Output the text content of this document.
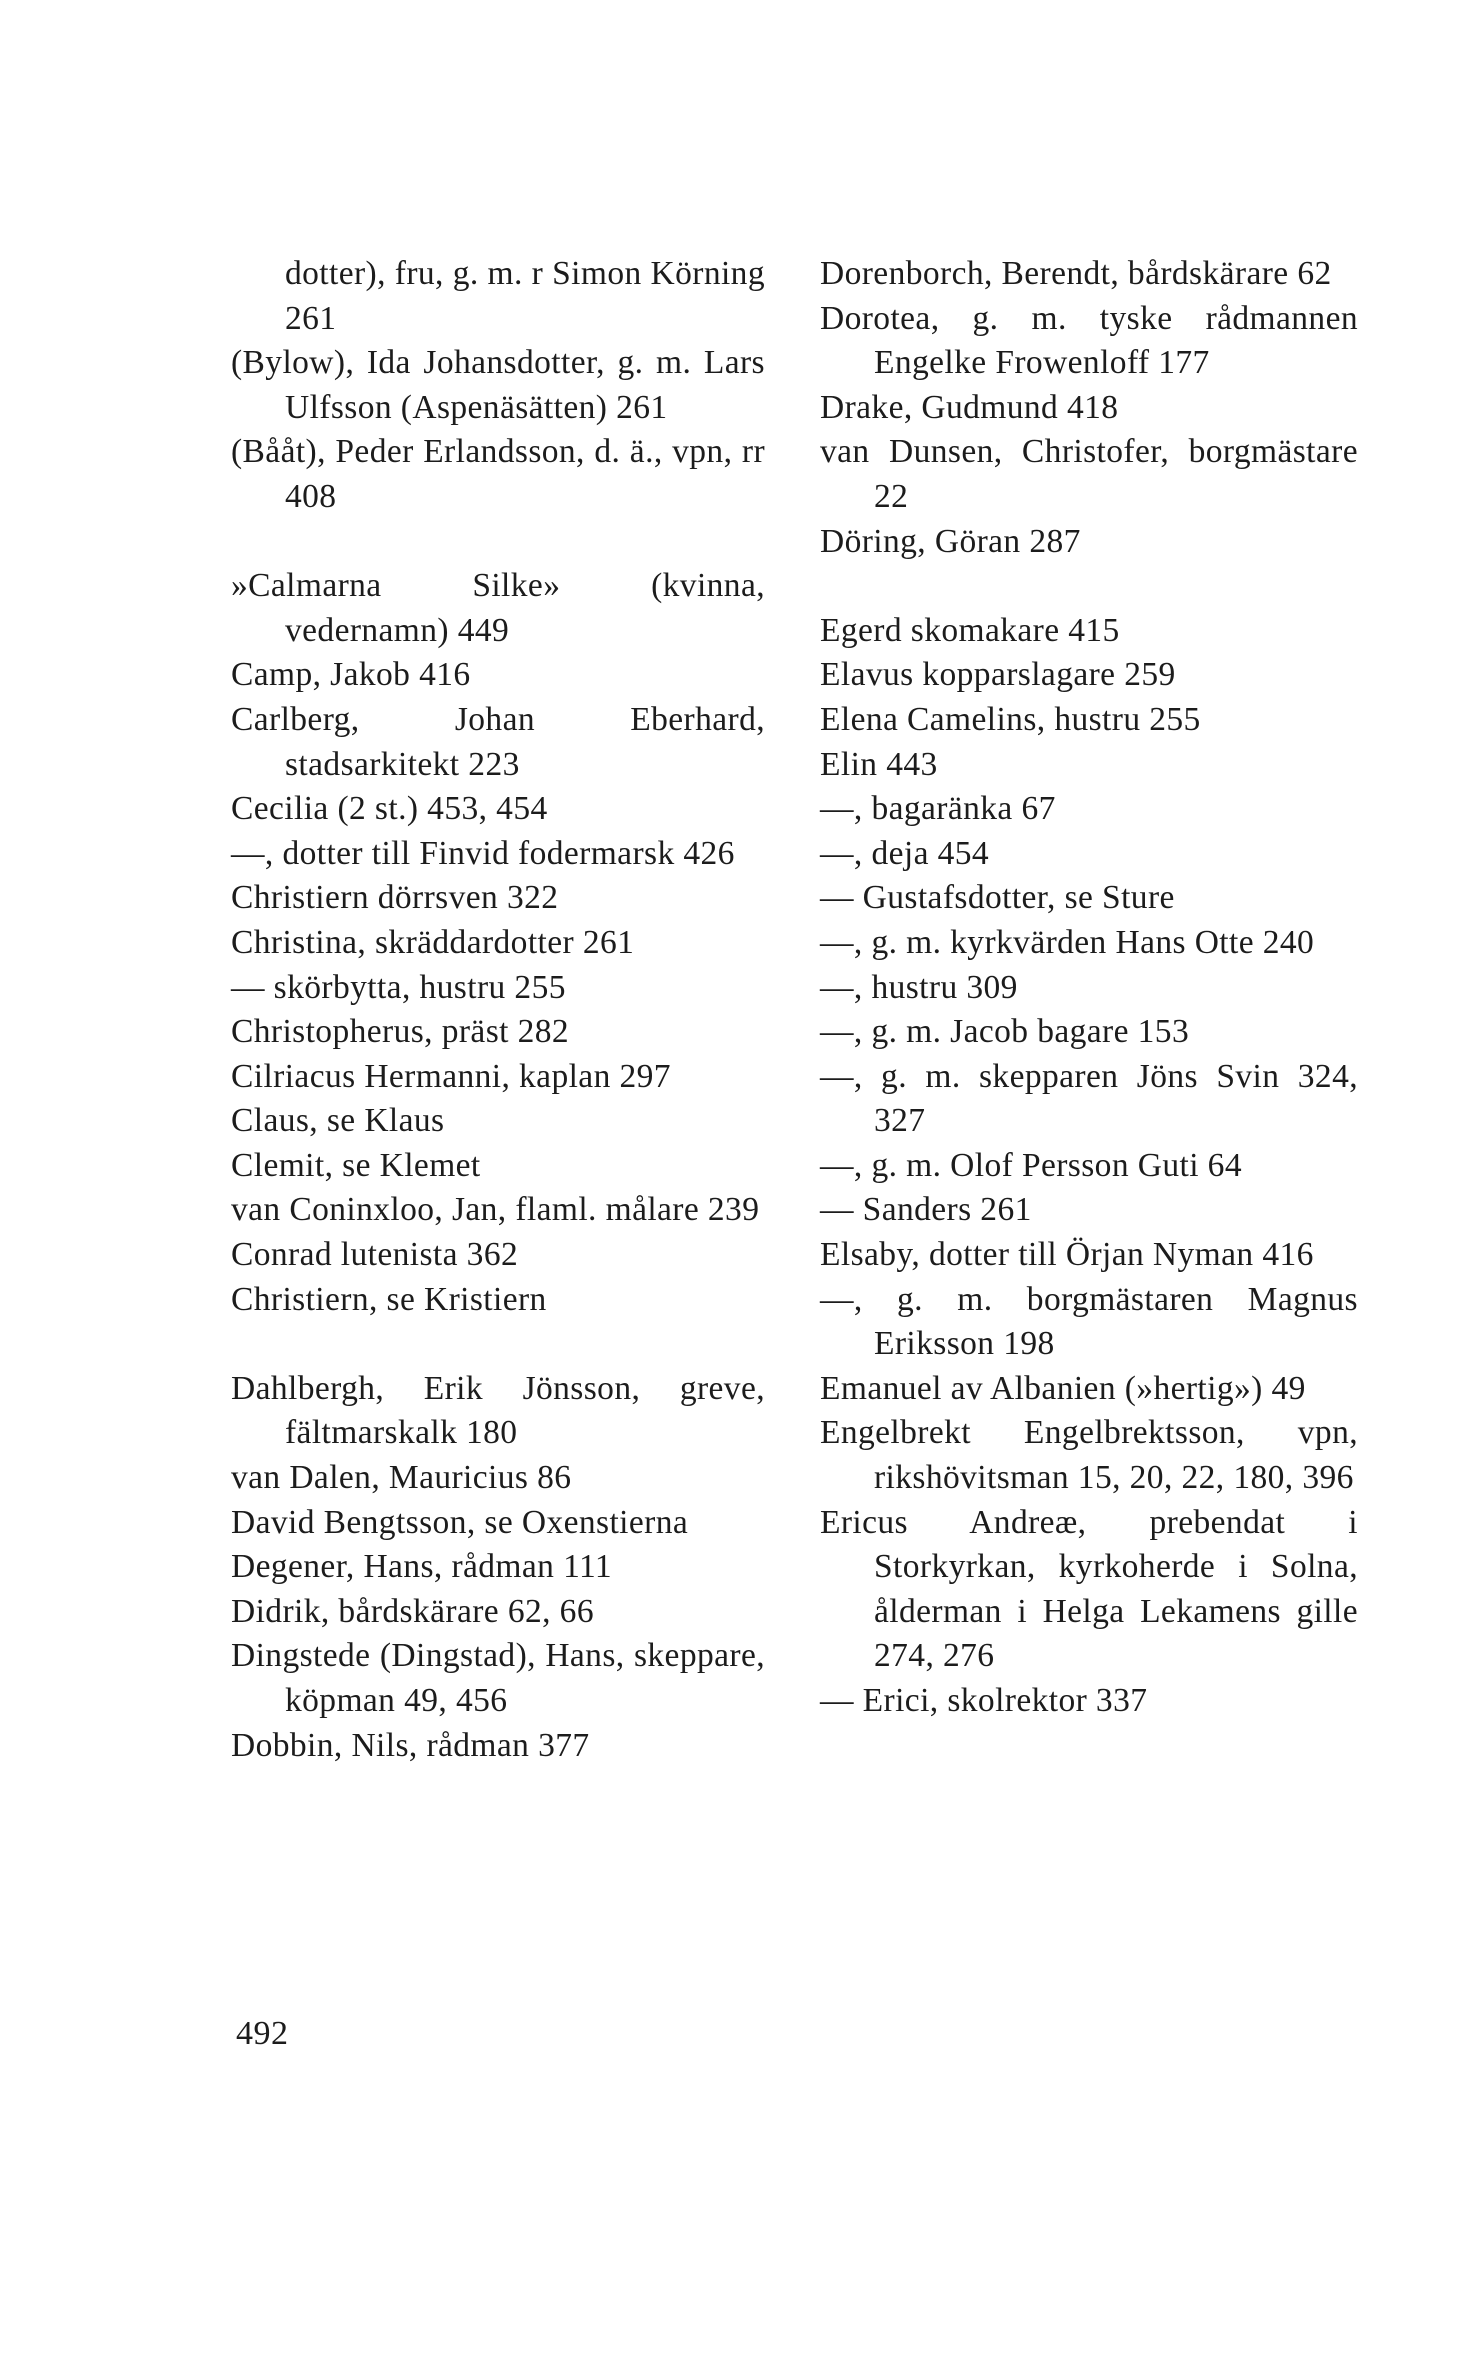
dotter), fru, g. m. r Simon Körning 261
(Bylow), Ida Johansdotter, g. m. Lars Ulfsson (Aspenäsätten) 261
(Bååt), Peder Erlandsson, d. ä., vpn, rr 408
»Calmarna Silke» (kvinna, vedernamn) 449
Camp, Jakob 416
Carlberg, Johan Eberhard, stadsarkitekt 223
Cecilia (2 st.) 453, 454
—, dotter till Finvid fodermarsk 426
Christiern dörrsven 322
Christina, skräddardotter 261
— skörbytta, hustru 255
Christopherus, präst 282
Cilriacus Hermanni, kaplan 297
Claus, se Klaus
Clemit, se Klemet
van Coninxloo, Jan, flaml. målare 239
Conrad lutenista 362
Christiern, se Kristiern
Dahlbergh, Erik Jönsson, greve, fältmarskalk 180
van Dalen, Mauricius 86
David Bengtsson, se Oxenstierna
Degener, Hans, rådman 111
Didrik, bårdskärare 62, 66
Dingstede (Dingstad), Hans, skeppare, köpman 49, 456
Dobbin, Nils, rådman 377
Dorenborch, Berendt, bårdskärare 62
Dorotea, g. m. tyske rådmannen Engelke Frowenloff 177
Drake, Gudmund 418
van Dunsen, Christofer, borgmästare 22
Döring, Göran 287
Egerd skomakare 415
Elavus kopparslagare 259
Elena Camelins, hustru 255
Elin 443
—, bagaränka 67
—, deja 454
— Gustafsdotter, se Sture
—, g. m. kyrkvärden Hans Otte 240
—, hustru 309
—, g. m. Jacob bagare 153
—, g. m. skepparen Jöns Svin 324, 327
—, g. m. Olof Persson Guti 64
— Sanders 261
Elsaby, dotter till Örjan Nyman 416
—, g. m. borgmästaren Magnus Eriksson 198
Emanuel av Albanien (»hertig») 49
Engelbrekt Engelbrektsson, vpn, rikshövitsman 15, 20, 22, 180, 396
Ericus Andreæ, prebendat i Storkyrkan, kyrkoherde i Solna, ålderman i Helga Lekamens gille 274, 276
— Erici, skolrektor 337
492
